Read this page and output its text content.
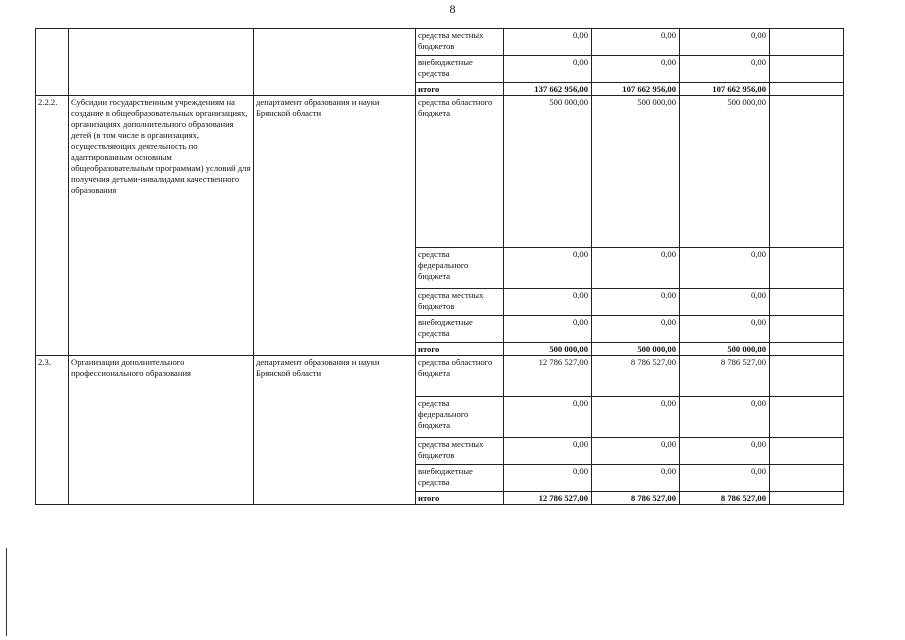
8
			средства местных бюджетов	0,00	0,00	0,00	
			внебюджетные средства	0,00	0,00	0,00	
			итого	137 662 956,00	107 662 956,00	107 662 956,00	
2.2.2.	Субсидии государственным учреждениям на создание в общеобразовательных организациях, организациях дополнительного образования детей (в том числе в организациях, осуществляющих деятельность по адаптированным основным общеобразовательным программам) условий для получения детьми-инвалидами качественного образования	департамент образования и науки Брянской области	средства областного бюджета	500 000,00	500 000,00	500 000,00	
			средства федерального бюджета	0,00	0,00	0,00	
			средства местных бюджетов	0,00	0,00	0,00	
			внебюджетные средства	0,00	0,00	0,00	
			итого	500 000,00	500 000,00	500 000,00	
2.3.	Организации дополнительного профессионального образования	департамент образования и науки Брянской области	средства областного бюджета	12 786 527,00	8 786 527,00	8 786 527,00	
			средства федерального бюджета	0,00	0,00	0,00	
			средства местных бюджетов	0,00	0,00	0,00	
			внебюджетные средства	0,00	0,00	0,00	
			итого	12 786 527,00	8 786 527,00	8 786 527,00	
